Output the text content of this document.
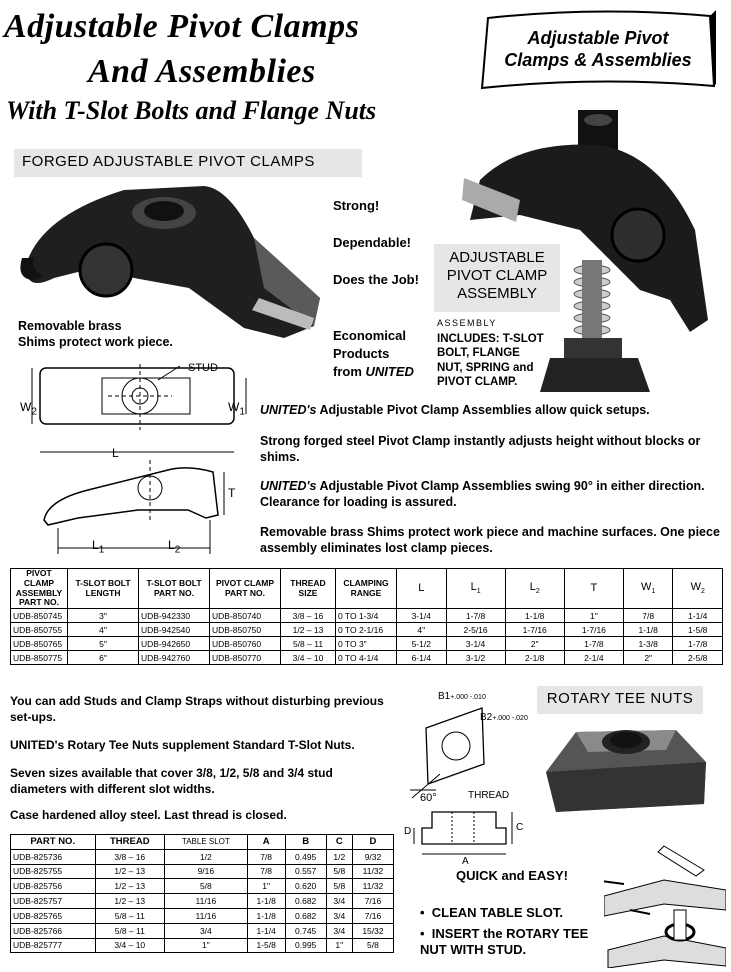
Adjustable Pivot Clamps
And Assemblies
With T-Slot Bolts and Flange Nuts
Adjustable Pivot
Clamps & Assemblies
FORGED ADJUSTABLE PIVOT CLAMPS
Removable brass
Shims protect work piece.
Strong!
Dependable!
Does the Job!
Economical
Products
from UNITED
ADJUSTABLE
PIVOT CLAMP
ASSEMBLY
ASSEMBLY
INCLUDES: T-SLOT
BOLT, FLANGE
NUT, SPRING and
PIVOT CLAMP.
STUD
$W_2$	$W_1$
L
T
$L_1$	$L_2$
UNITED's Adjustable Pivot Clamp Assemblies allow quick setups.
Strong forged steel Pivot Clamp instantly adjusts height without blocks or shims.
UNITED's Adjustable Pivot Clamp Assemblies swing 90° in either direction. Clearance for loading is assured.
Removable brass Shims protect work piece and machine surfaces. One piece assembly eliminates lost clamp pieces.
PIVOT CLAMP ASSEMBLY PART NO.	T-SLOT BOLT LENGTH	T-SLOT BOLT PART NO.	PIVOT CLAMP PART NO.	THREAD SIZE	CLAMPING RANGE	L	$L_1$	$L_2$	T	$W_1$	$W_2$
UDB-850745	3"	UDB-942330	UDB-850740	3/8 – 16	0 TO 1-3/4	3-1/4	1-7/8	1-1/8	1"	7/8	1-1/4
UDB-850755	4"	UDB-942540	UDB-850750	1/2 – 13	0 TO 2-1/16	4"	2-5/16	1-7/16	1-7/16	1-1/8	1-5/8
UDB-850765	5"	UDB-942650	UDB-850760	5/8 – 11	0 TO 3"	5-1/2	3-1/4	2"	1-7/8	1-3/8	1-7/8
UDB-850775	6"	UDB-942760	UDB-850770	3/4 – 10	0 TO 4-1/4	6-1/4	3-1/2	2-1/8	2-1/4	2"	2-5/8
ROTARY TEE NUTS
You can add Studs and Clamp Straps without disturbing previous set-ups.
UNITED's Rotary Tee Nuts supplement Standard T-Slot Nuts.
Seven sizes available that cover 3/8, 1/2, 5/8 and 3/4 stud diameters with different slot widths.
Case hardened alloy steel. Last thread is closed.
B1+.000 -.010
B2+.000 -.020
60°	THREAD
D	C
A
PART NO.	THREAD	TABLE SLOT	A	B	C	D
UDB-825736	3/8 – 16	1/2	7/8	0.495	1/2	9/32
UDB-825755	1/2 – 13	9/16	7/8	0.557	5/8	11/32
UDB-825756	1/2 – 13	5/8	1"	0.620	5/8	11/32
UDB-825757	1/2 – 13	11/16	1-1/8	0.682	3/4	7/16
UDB-825765	5/8 – 11	11/16	1-1/8	0.682	3/4	7/16
UDB-825766	5/8 – 11	3/4	1-1/4	0.745	3/4	15/32
UDB-825777	3/4 – 10	1"	1-5/8	0.995	1"	5/8
QUICK and EASY!
•  CLEAN TABLE SLOT.
•  INSERT the ROTARY TEE NUT WITH STUD.
